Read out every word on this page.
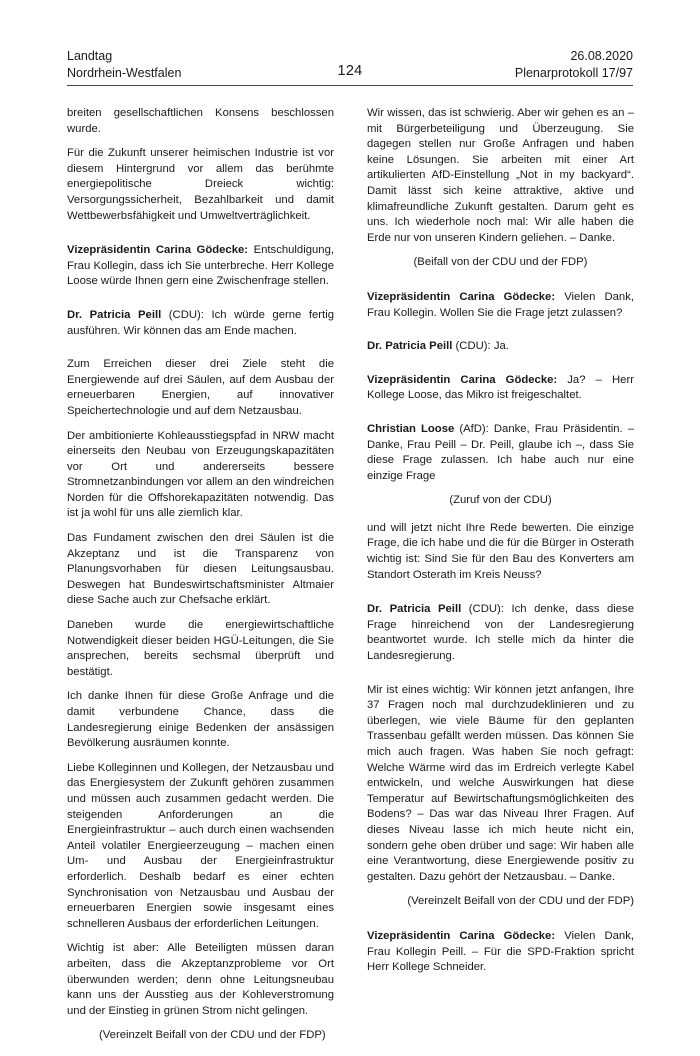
Landtag
Nordrhein-Westfalen	124
26.08.2020
Plenarprotokoll 17/97

breiten gesellschaftlichen Konsens beschlossen wurde.

Für die Zukunft unserer heimischen Industrie ist vor diesem Hintergrund vor allem das berühmte energiepolitische Dreieck wichtig: Versorgungssicherheit, Bezahlbarkeit und damit Wettbewerbsfähigkeit und Umweltverträglichkeit.

Vizepräsidentin Carina Gödecke: Entschuldigung, Frau Kollegin, dass ich Sie unterbreche. Herr Kollege Loose würde Ihnen gern eine Zwischenfrage stellen.

Dr. Patricia Peill (CDU): Ich würde gerne fertig ausführen. Wir können das am Ende machen.

Zum Erreichen dieser drei Ziele steht die Energiewende auf drei Säulen, auf dem Ausbau der erneuerbaren Energien, auf innovativer Speichertechnologie und auf dem Netzausbau.

Der ambitionierte Kohleausstiegspfad in NRW macht einerseits den Neubau von Erzeugungskapazitäten vor Ort und andererseits bessere Stromnetzanbindungen vor allem an den windreichen Norden für die Offshorekapazitäten notwendig. Das ist ja wohl für uns alle ziemlich klar.

Das Fundament zwischen den drei Säulen ist die Akzeptanz und ist die Transparenz von Planungsvorhaben für diesen Leitungsausbau. Deswegen hat Bundeswirtschaftsminister Altmaier diese Sache auch zur Chefsache erklärt.

Daneben wurde die energiewirtschaftliche Notwendigkeit dieser beiden HGÜ-Leitungen, die Sie ansprechen, bereits sechsmal überprüft und bestätigt.

Ich danke Ihnen für diese Große Anfrage und die damit verbundene Chance, dass die Landesregierung einige Bedenken der ansässigen Bevölkerung ausräumen konnte.

Liebe Kolleginnen und Kollegen, der Netzausbau und das Energiesystem der Zukunft gehören zusammen und müssen auch zusammen gedacht werden. Die steigenden Anforderungen an die Energieinfrastruktur – auch durch einen wachsenden Anteil volatiler Energieerzeugung – machen einen Um- und Ausbau der Energieinfrastruktur erforderlich. Deshalb bedarf es einer echten Synchronisation von Netzausbau und Ausbau der erneuerbaren Energien sowie insgesamt eines schnelleren Ausbaus der erforderlichen Leitungen.

Wichtig ist aber: Alle Beteiligten müssen daran arbeiten, dass die Akzeptanzprobleme vor Ort überwunden werden; denn ohne Leitungsneubau kann uns der Ausstieg aus der Kohleverstromung und der Einstieg in grünen Strom nicht gelingen.

(Vereinzelt Beifall von der CDU und der FDP)

Wir wissen, das ist schwierig. Aber wir gehen es an – mit Bürgerbeteiligung und Überzeugung. Sie dagegen stellen nur Große Anfragen und haben keine Lösungen. Sie arbeiten mit einer Art artikulierten AfD-Einstellung „Not in my backyard“. Damit lässt sich keine attraktive, aktive und klimafreundliche Zukunft gestalten. Darum geht es uns. Ich wiederhole noch mal: Wir alle haben die Erde nur von unseren Kindern geliehen. – Danke.

(Beifall von der CDU und der FDP)

Vizepräsidentin Carina Gödecke: Vielen Dank, Frau Kollegin. Wollen Sie die Frage jetzt zulassen?

Dr. Patricia Peill (CDU): Ja.

Vizepräsidentin Carina Gödecke: Ja? – Herr Kollege Loose, das Mikro ist freigeschaltet.

Christian Loose (AfD): Danke, Frau Präsidentin. – Danke, Frau Peill – Dr. Peill, glaube ich –, dass Sie diese Frage zulassen. Ich habe auch nur eine einzige Frage

(Zuruf von der CDU)

und will jetzt nicht Ihre Rede bewerten. Die einzige Frage, die ich habe und die für die Bürger in Osterath wichtig ist: Sind Sie für den Bau des Konverters am Standort Osterath im Kreis Neuss?

Dr. Patricia Peill (CDU): Ich denke, dass diese Frage hinreichend von der Landesregierung beantwortet wurde. Ich stelle mich da hinter die Landesregierung.

Mir ist eines wichtig: Wir können jetzt anfangen, Ihre 37 Fragen noch mal durchzudeklinieren und zu überlegen, wie viele Bäume für den geplanten Trassenbau gefällt werden müssen. Das können Sie mich auch fragen. Was haben Sie noch gefragt: Welche Wärme wird das im Erdreich verlegte Kabel entwickeln, und welche Auswirkungen hat diese Temperatur auf Bewirtschaftungsmöglichkeiten des Bodens? – Das war das Niveau Ihrer Fragen. Auf dieses Niveau lasse ich mich heute nicht ein, sondern gehe oben drüber und sage: Wir haben alle eine Verantwortung, diese Energiewende positiv zu gestalten. Dazu gehört der Netzausbau. – Danke.

(Vereinzelt Beifall von der CDU und der FDP)

Vizepräsidentin Carina Gödecke: Vielen Dank, Frau Kollegin Peill. – Für die SPD-Fraktion spricht Herr Kollege Schneider.
